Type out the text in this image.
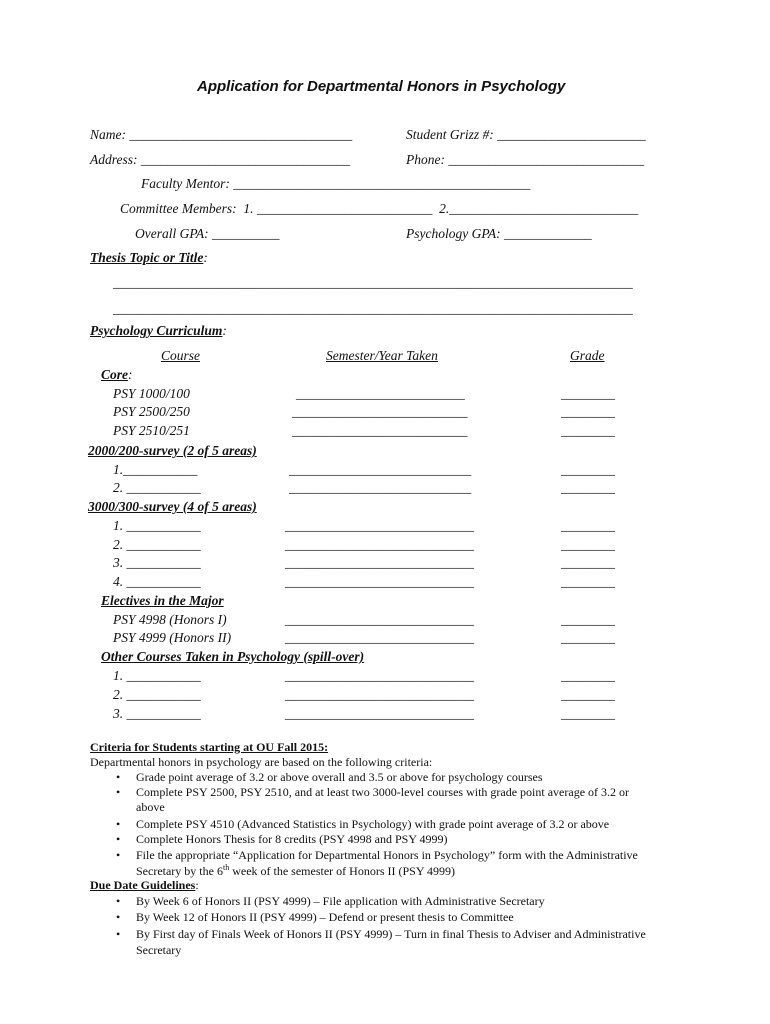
Application for Departmental Honors in Psychology
Name: _________________________________	Student Grizz #: ______________________
Address: _______________________________	Phone: _____________________________
Faculty Mentor: ____________________________________________
Committee Members:  1. __________________________  2.____________________________
Overall GPA: __________	Psychology GPA: _____________
Thesis Topic or Title:
_____________________________________________________________________________
_____________________________________________________________________________
Psychology Curriculum:
Course	Semester/Year Taken	Grade
Core:
PSY 1000/100	_________________________	________
PSY 2500/250	__________________________	________
PSY 2510/251	__________________________	________
1.___________	___________________________	________
2. ___________	___________________________	________
1. ___________	____________________________	________
2. ___________	____________________________	________
3. ___________	____________________________	________
4. ___________	____________________________	________
PSY 4998 (Honors I)	____________________________	________
PSY 4999 (Honors II)	____________________________	________
1. ___________	____________________________	________
2. ___________	____________________________	________
3. ___________	____________________________	________
2000/200-survey (2 of 5 areas)
3000/300-survey (4 of 5 areas)
Electives in the Major
Other Courses Taken in Psychology (spill-over)
Criteria for Students starting at OU Fall 2015:
Departmental honors in psychology are based on the following criteria:
• Grade point average of 3.2 or above overall and 3.5 or above for psychology courses
• Complete PSY 2500, PSY 2510, and at least two 3000-level courses with grade point average of 3.2 or
above
• Complete PSY 4510 (Advanced Statistics in Psychology) with grade point average of 3.2 or above
• Complete Honors Thesis for 8 credits (PSY 4998 and PSY 4999)
• File the appropriate “Application for Departmental Honors in Psychology” form with the Administrative
Secretary by the 6th week of the semester of Honors II (PSY 4999)
Due Date Guidelines:
• By Week 6 of Honors II (PSY 4999) – File application with Administrative Secretary
• By Week 12 of Honors II (PSY 4999) – Defend or present thesis to Committee
• By First day of Finals Week of Honors II (PSY 4999) – Turn in final Thesis to Adviser and Administrative
Secretary
